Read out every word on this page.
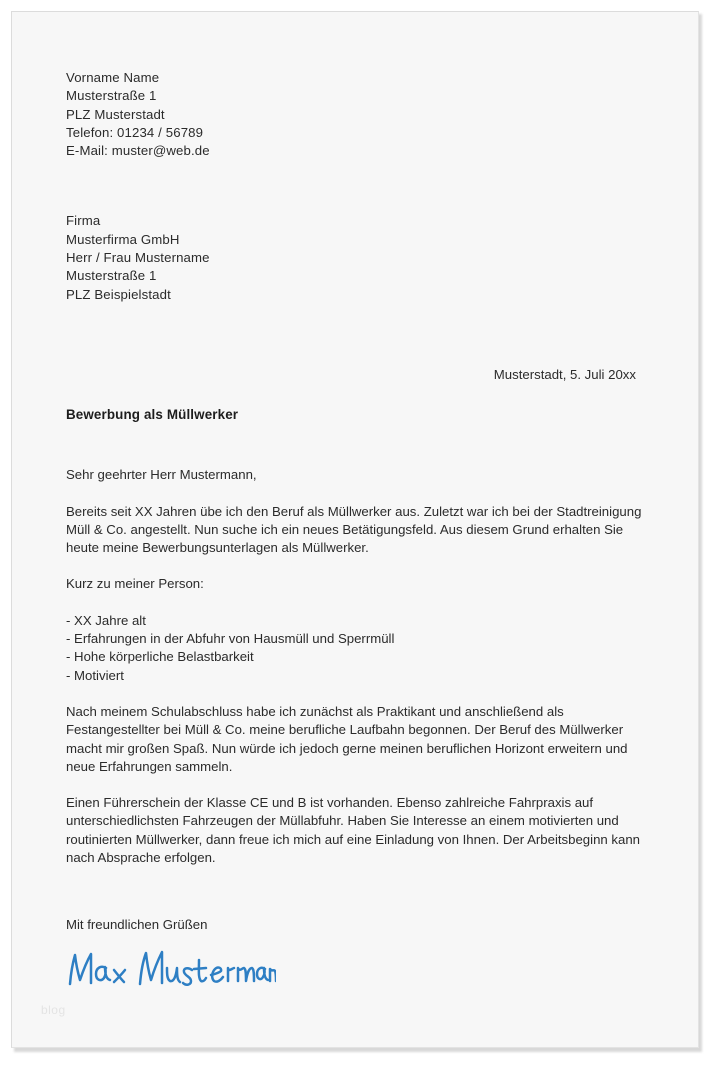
Vorname Name
Musterstraße 1
PLZ Musterstadt
Telefon: 01234 / 56789
E-Mail: muster@web.de
Firma
Musterfirma GmbH
Herr / Frau Mustername
Musterstraße 1
PLZ Beispielstadt
Musterstadt, 5. Juli 20xx
Bewerbung als Müllwerker
Sehr geehrter Herr Mustermann,

Bereits seit XX Jahren übe ich den Beruf als Müllwerker aus. Zuletzt war ich bei der Stadtreinigung Müll & Co. angestellt. Nun suche ich ein neues Betätigungsfeld. Aus diesem Grund erhalten Sie heute meine Bewerbungsunterlagen als Müllwerker.

Kurz zu meiner Person:
- XX Jahre alt
- Erfahrungen in der Abfuhr von Hausmüll und Sperrmüll
- Hohe körperliche Belastbarkeit
- Motiviert

Nach meinem Schulabschluss habe ich zunächst als Praktikant und anschließend als Festangestellter bei Müll & Co. meine berufliche Laufbahn begonnen. Der Beruf des Müllwerker macht mir großen Spaß. Nun würde ich jedoch gerne meinen beruflichen Horizont erweitern und neue Erfahrungen sammeln.

Einen Führerschein der Klasse CE und B ist vorhanden. Ebenso zahlreiche Fahrpraxis auf unterschiedlichsten Fahrzeugen der Müllabfuhr. Haben Sie Interesse an einem motivierten und routinierten Müllwerker, dann freue ich mich auf eine Einladung von Ihnen. Der Arbeitsbeginn kann nach Absprache erfolgen.

Mit freundlichen Grüßen
blog
